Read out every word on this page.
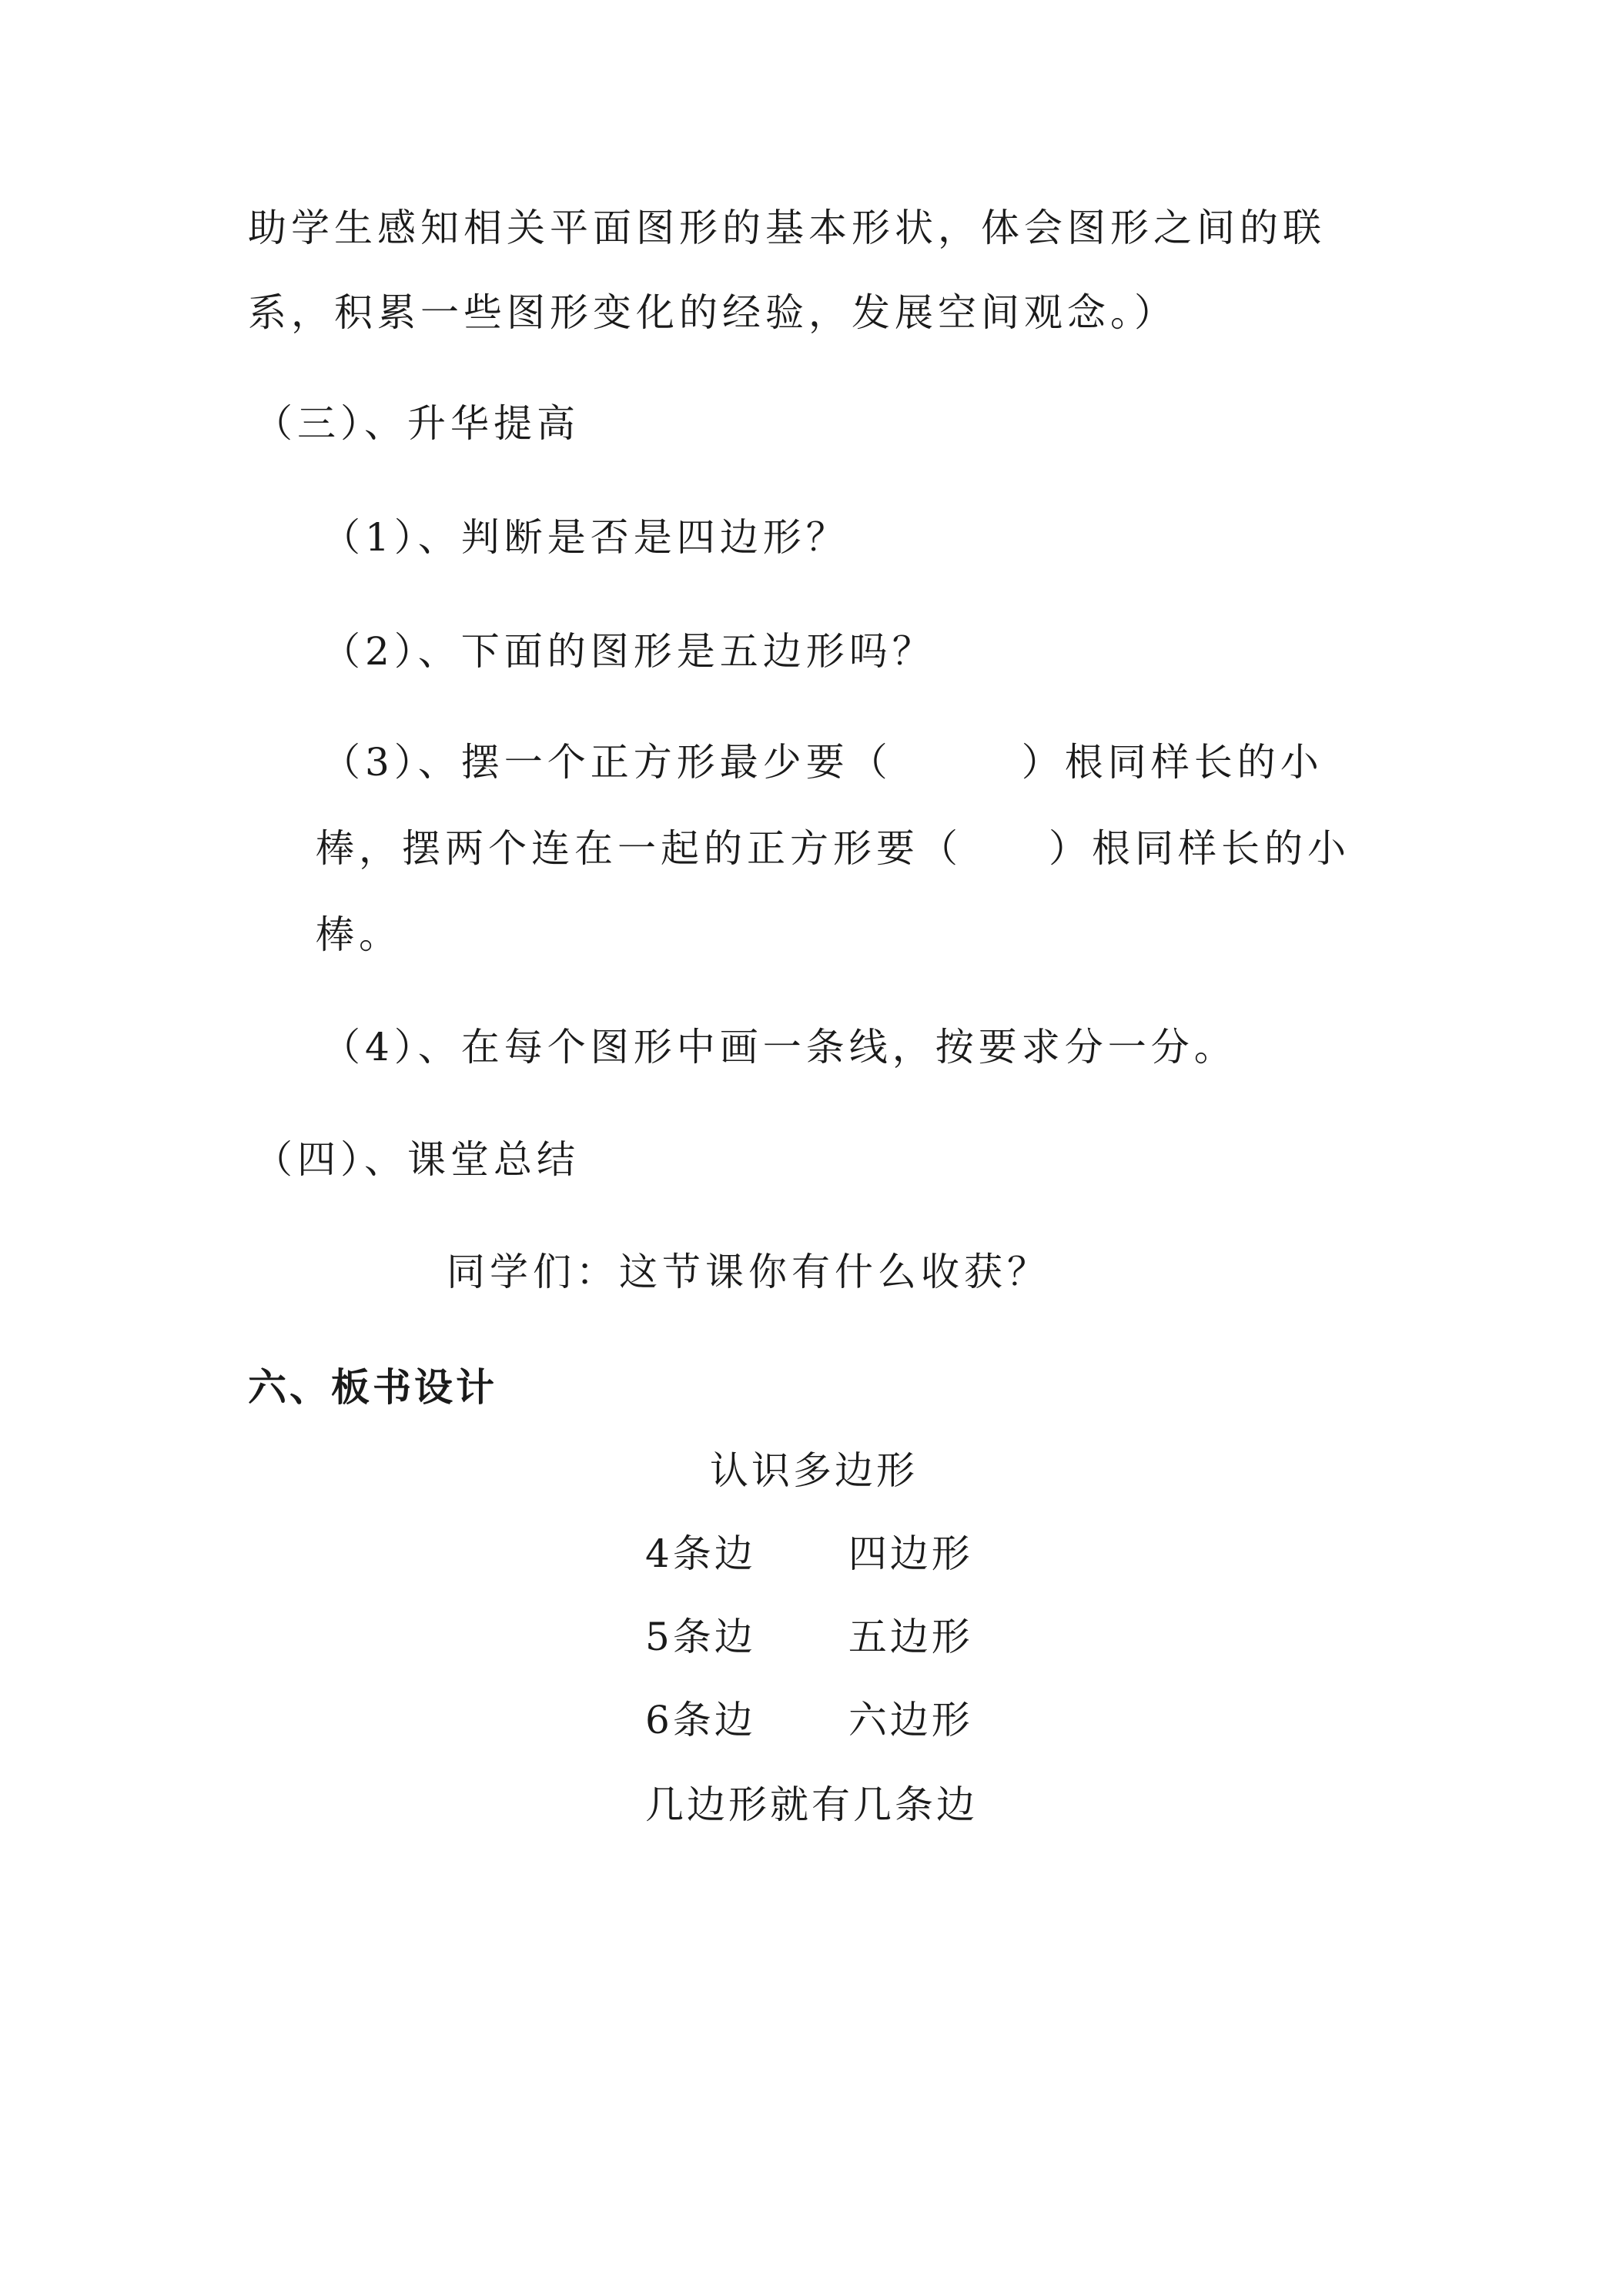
助学生感知相关平面图形的基本形状，体会图形之间的联
系，积累一些图形变化的经验，发展空间观念。）
（三）、升华提高
（1）、判断是否是四边形？
（2）、下面的图形是五边形吗？
（3）、摆一个正方形最少要（　　　）根同样长的小
棒，摆两个连在一起的正方形要（　　）根同样长的小
棒。
（4）、在每个图形中画一条线，按要求分一分。
（四）、课堂总结
同学们：这节课你有什么收获？
六、板书设计
认识多边形
4条边 四边形
5条边 五边形
6条边 六边形
几边形就有几条边
